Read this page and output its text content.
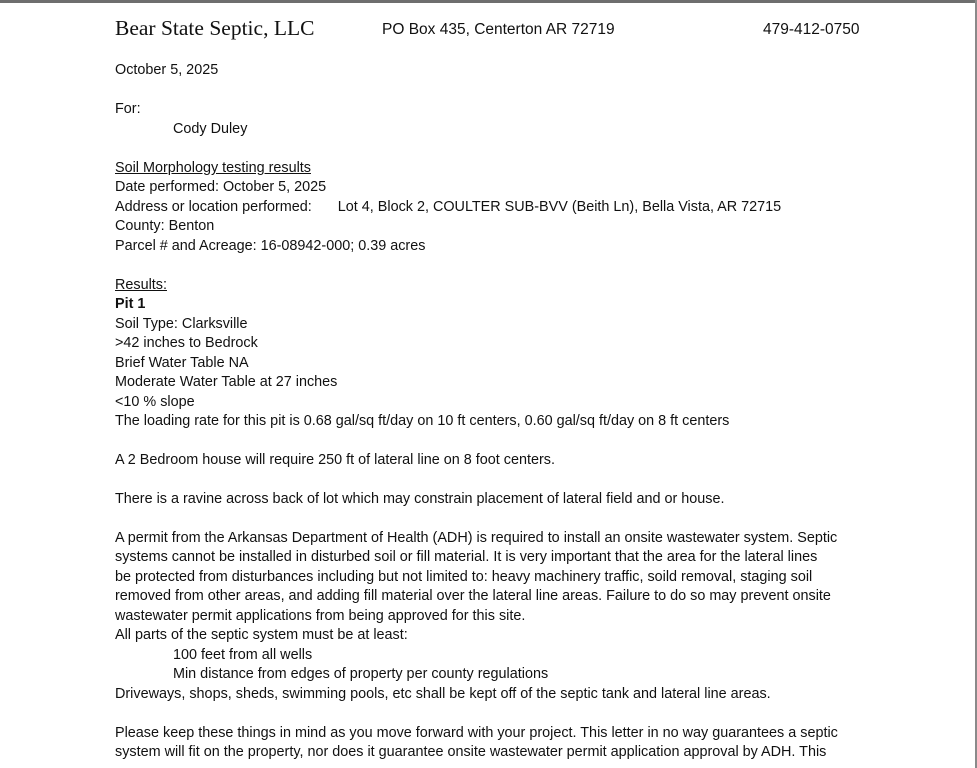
Bear State Septic, LLC	PO Box 435, Centerton AR 72719	479-412-0750
October 5, 2025
For:
Cody Duley
Soil Morphology testing results
Date performed: October 5, 2025
Address or location performed: Lot 4, Block 2, COULTER SUB-BVV (Beith Ln), Bella Vista, AR 72715
County: Benton
Parcel # and Acreage: 16-08942-000; 0.39 acres
Results:
Pit 1
Soil Type: Clarksville
>42 inches to Bedrock
Brief Water Table NA
Moderate Water Table at 27 inches
<10 % slope
The loading rate for this pit is 0.68 gal/sq ft/day on 10 ft centers, 0.60 gal/sq ft/day on 8 ft centers
A 2 Bedroom house will require 250 ft of lateral line on 8 foot centers.
There is a ravine across back of lot which may constrain placement of lateral field and or house.
A permit from the Arkansas Department of Health (ADH) is required to install an onsite wastewater system. Septic
systems cannot be installed in disturbed soil or fill material. It is very important that the area for the lateral lines
be protected from disturbances including but not limited to: heavy machinery traffic, soild removal, staging soil
removed from other areas, and adding fill material over the lateral line areas. Failure to do so may prevent onsite
wastewater permit applications from being approved for this site.
All parts of the septic system must be at least:
100 feet from all wells
Min distance from edges of property per county regulations
Driveways, shops, sheds, swimming pools, etc shall be kept off of the septic tank and lateral line areas.
Please keep these things in mind as you move forward with your project. This letter in no way guarantees a septic
system will fit on the property, nor does it guarantee onsite wastewater permit application approval by ADH. This
